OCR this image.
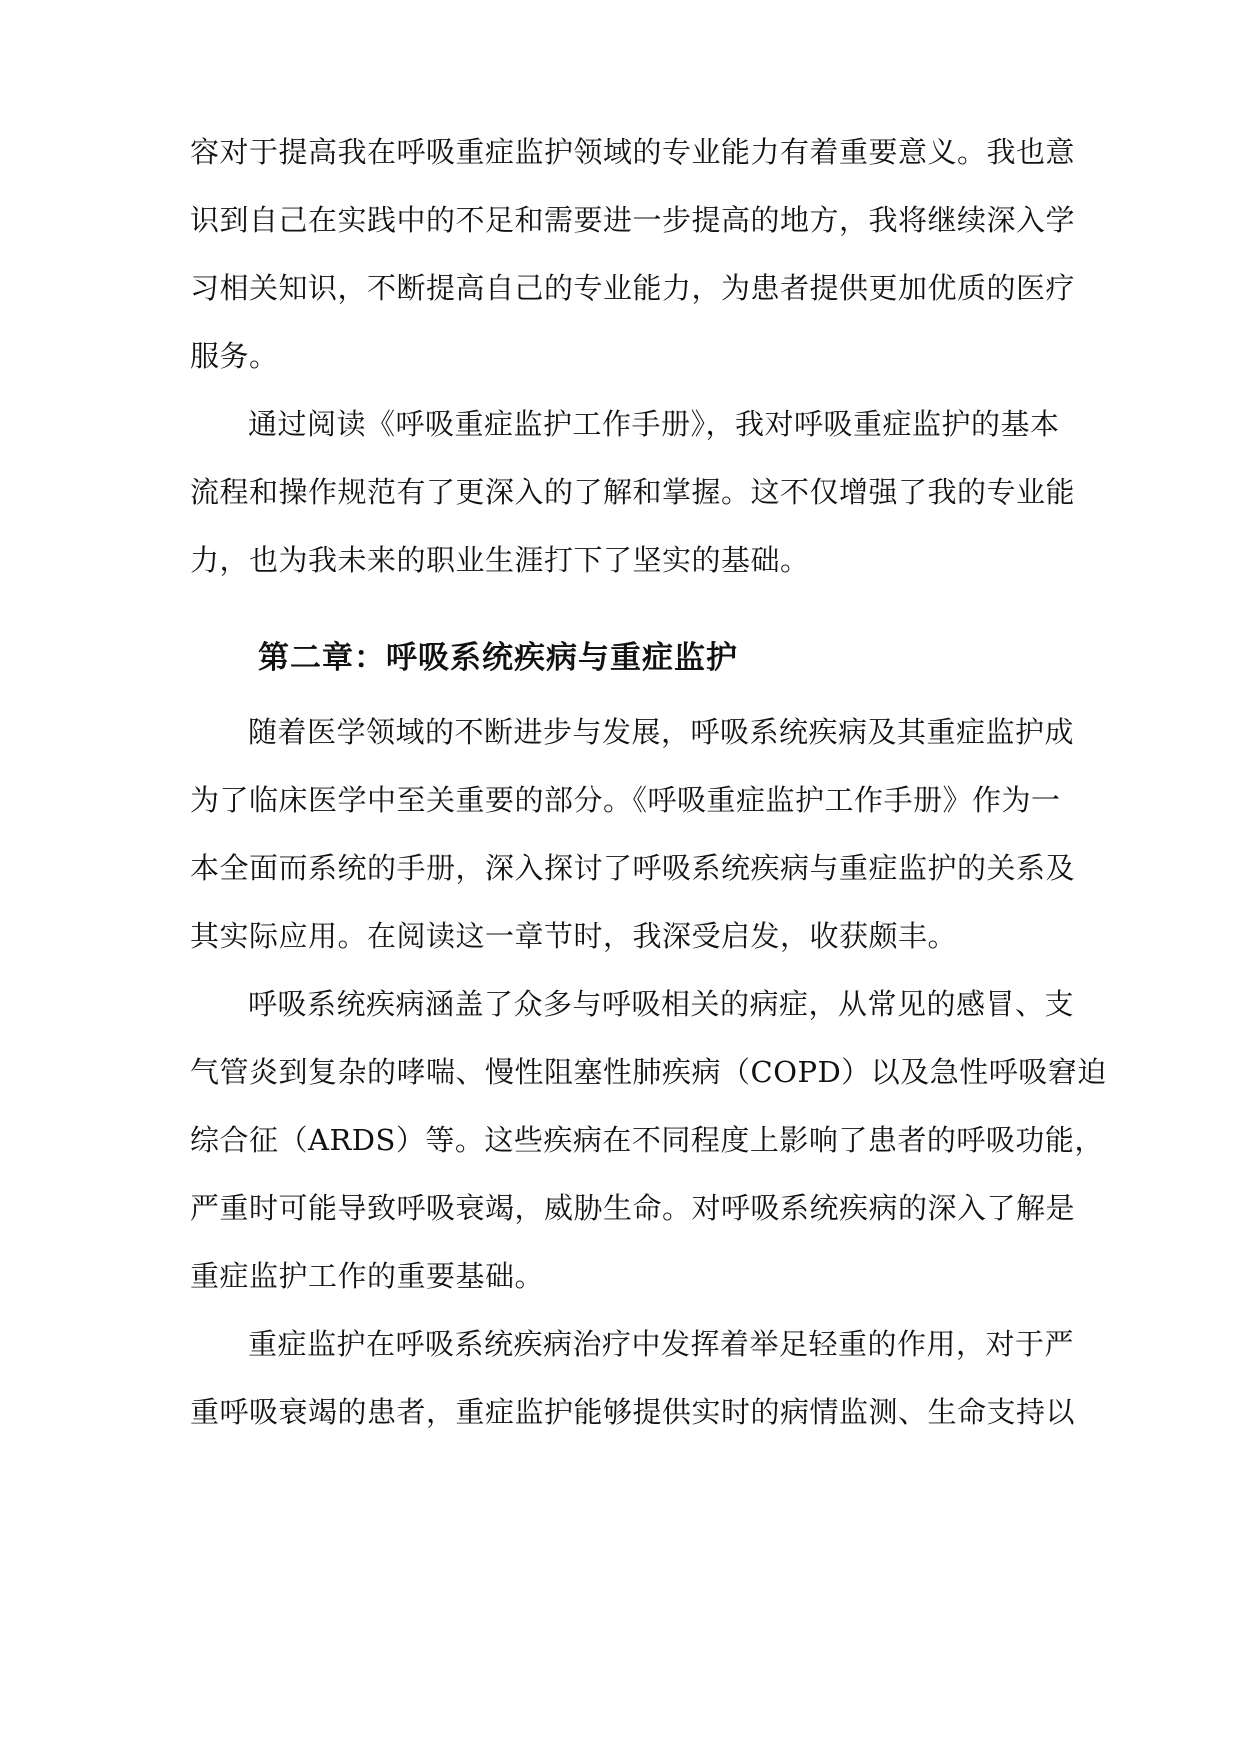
容对于提高我在呼吸重症监护领域的专业能力有着重要意义。我也意
识到自己在实践中的不足和需要进一步提高的地方，我将继续深入学
习相关知识，不断提高自己的专业能力，为患者提供更加优质的医疗
服务。
通过阅读《呼吸重症监护工作手册》，我对呼吸重症监护的基本
流程和操作规范有了更深入的了解和掌握。这不仅增强了我的专业能
力，也为我未来的职业生涯打下了坚实的基础。
第二章：呼吸系统疾病与重症监护
随着医学领域的不断进步与发展，呼吸系统疾病及其重症监护成
为了临床医学中至关重要的部分。《呼吸重症监护工作手册》作为一
本全面而系统的手册，深入探讨了呼吸系统疾病与重症监护的关系及
其实际应用。在阅读这一章节时，我深受启发，收获颇丰。
呼吸系统疾病涵盖了众多与呼吸相关的病症，从常见的感冒、支
气管炎到复杂的哮喘、慢性阻塞性肺疾病（COPD）以及急性呼吸窘迫
综合征（ARDS）等。这些疾病在不同程度上影响了患者的呼吸功能，
严重时可能导致呼吸衰竭，威胁生命。对呼吸系统疾病的深入了解是
重症监护工作的重要基础。
重症监护在呼吸系统疾病治疗中发挥着举足轻重的作用，对于严
重呼吸衰竭的患者，重症监护能够提供实时的病情监测、生命支持以
